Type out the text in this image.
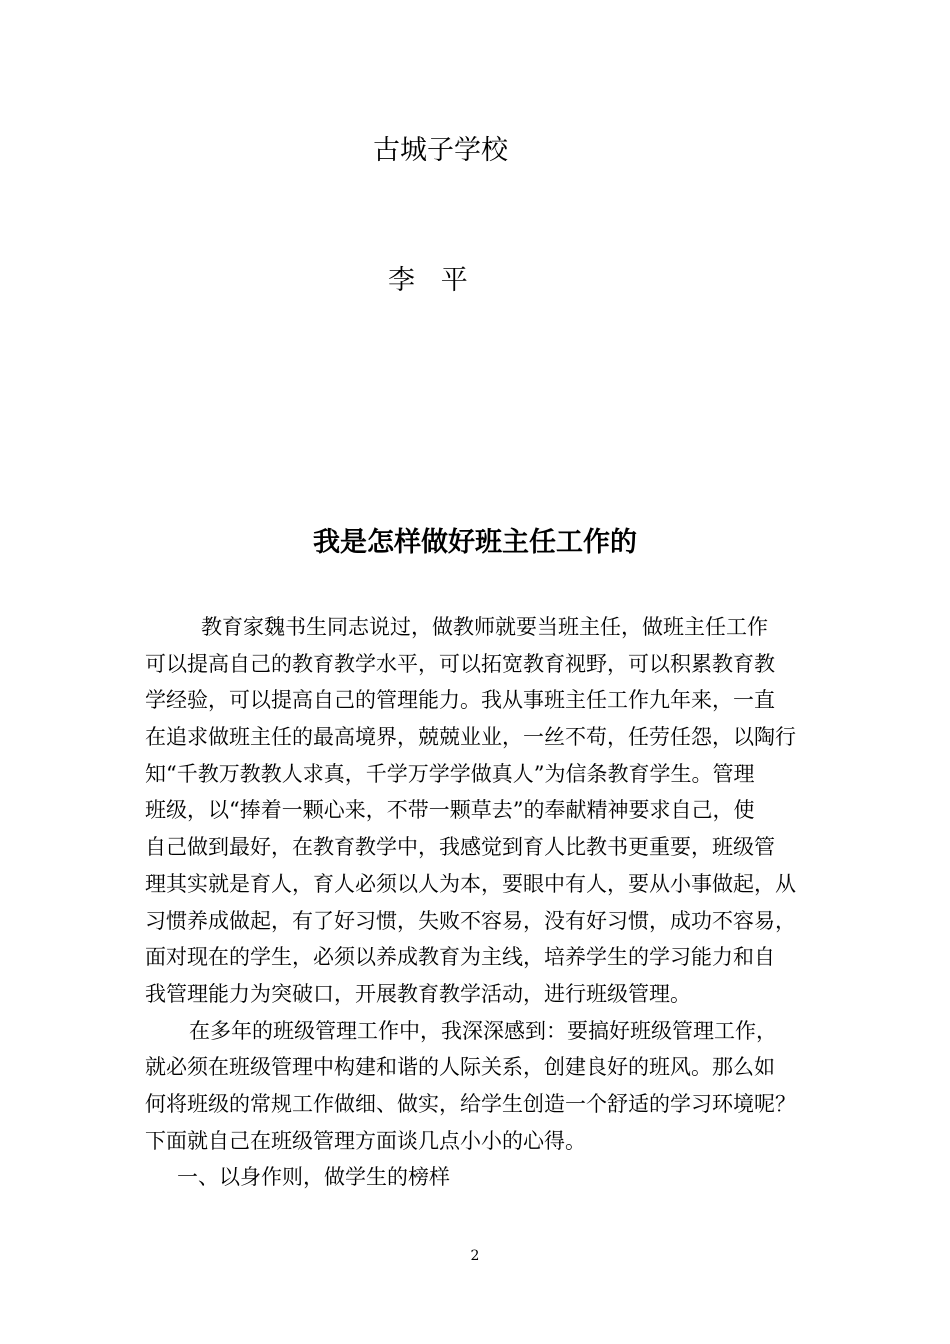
古城子学校
李   平
我是怎样做好班主任工作的
教育家魏书生同志说过，做教师就要当班主任，做班主任工作
可以提高自己的教育教学水平，可以拓宽教育视野，可以积累教育教
学经验，可以提高自己的管理能力。我从事班主任工作九年来，一直
在追求做班主任的最高境界，兢兢业业，一丝不苟，任劳任怨，以陶行
知“千教万教教人求真，千学万学学做真人”为信条教育学生。管理
班级，以“捧着一颗心来，不带一颗草去”的奉献精神要求自己，使
自己做到最好，在教育教学中，我感觉到育人比教书更重要，班级管
理其实就是育人，育人必须以人为本，要眼中有人，要从小事做起，从
习惯养成做起，有了好习惯，失败不容易，没有好习惯，成功不容易，
面对现在的学生，必须以养成教育为主线，培养学生的学习能力和自
我管理能力为突破口，开展教育教学活动，进行班级管理。
在多年的班级管理工作中，我深深感到：要搞好班级管理工作，
就必须在班级管理中构建和谐的人际关系，创建良好的班风。那么如
何将班级的常规工作做细、做实，给学生创造一个舒适的学习环境呢？
下面就自己在班级管理方面谈几点小小的心得。
一、以身作则，做学生的榜样
2
